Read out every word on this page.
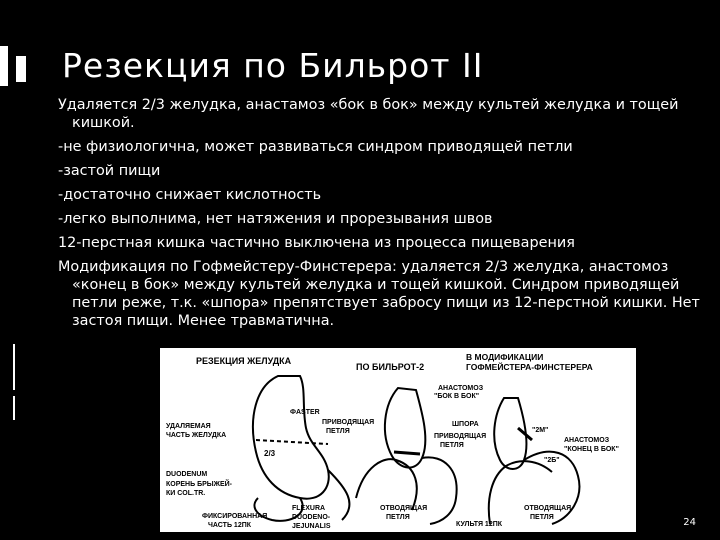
Резекция по Бильрот II

Удаляется 2/3 желудка, анастамоз «бок в бок» между культей желудка и тощей кишкой.

-не физиологична, может развиваться синдром приводящей петли

-застой пищи

-достаточно снижает кислотность

-легко выполнима, нет натяжения и прорезывания швов

12-перстная кишка частично выключена из процесса пищеварения

Модификация по Гофмейстеру-Финстерера: удаляется 2/3 желудка, анастомоз «конец в бок» между культей желудка и тощей кишкой. Синдром приводящей петли реже, т.к. «шпора» препятствует забросу пищи из 12-перстной кишки. Нет застоя пищи. Менее травматична.

РЕЗЕКЦИЯ ЖЕЛУДКА
ПО БИЛЬРОТ-2
В МОДИФИКАЦИИ
ГОФМЕЙСТЕРА-ФИНСТЕРЕРА
АНАСТОМОЗ
"БОК В БОК"
ФASTER
УДАЛЯЕМАЯ
ЧАСТЬ ЖЕЛУДКА
ПРИВОДЯЩАЯ
ПЕТЛЯ
ШПОРА
ПРИВОДЯЩАЯ
ПЕТЛЯ
"2M"
АНАСТОМОЗ
"КОНЕЦ В БОК"
"2Б"
2/3
DUODENUM
КОРЕНЬ БРЫЖЕЙ-
КИ COL.TR.
ФИКСИРОВАННАЯ
ЧАСТЬ 12ПК
FLEXURA
DUODENO-
JEJUNALIS
ОТВОДЯЩАЯ
ПЕТЛЯ
КУЛЬТЯ 12ПК
ОТВОДЯЩАЯ
ПЕТЛЯ	24
